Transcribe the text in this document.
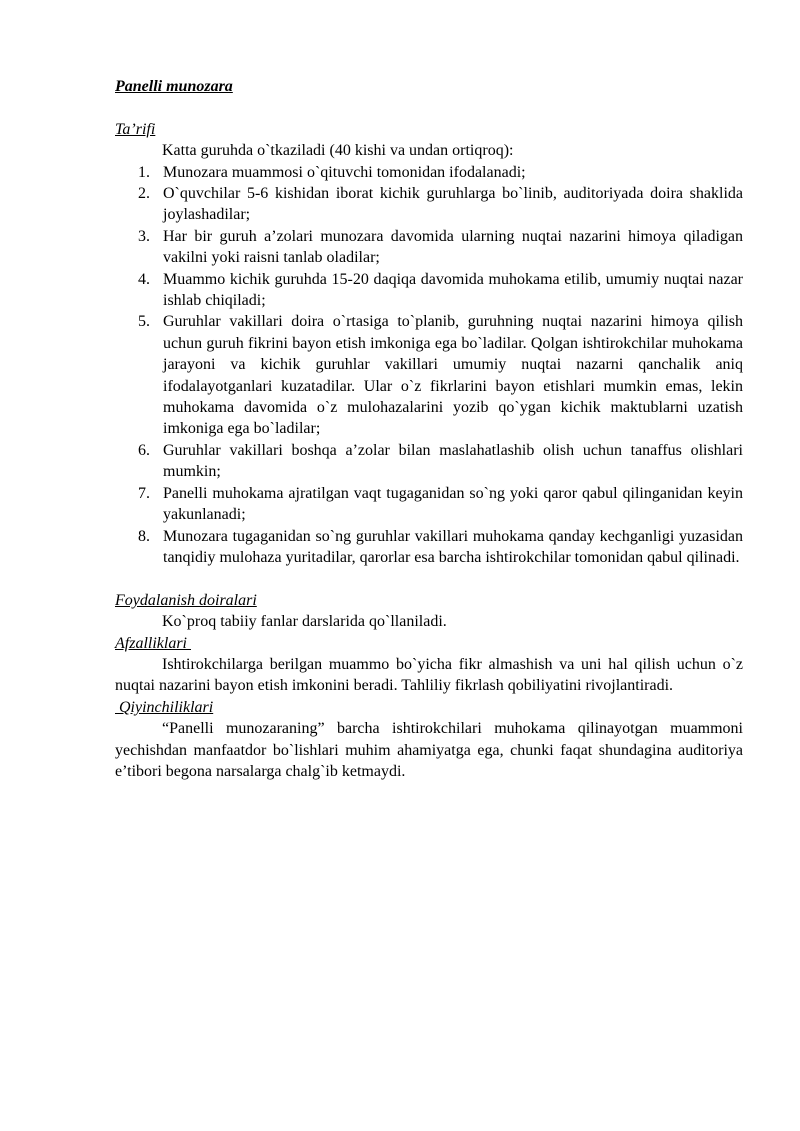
Panelli munozara

Ta’rifi

Katta guruhda o`tkaziladi (40 kishi va undan ortiqroq):

1. Munozara muammosi o`qituvchi tomonidan ifodalanadi;
2. O`quvchilar 5-6 kishidan iborat kichik guruhlarga bo`linib, auditoriyada doira shaklida joylashadilar;
3. Har bir guruh a’zolari munozara davomida ularning nuqtai nazarini himoya qiladigan vakilni yoki raisni tanlab oladilar;
4. Muammo kichik guruhda 15-20 daqiqa davomida muhokama etilib, umumiy nuqtai nazar ishlab chiqiladi;
5. Guruhlar vakillari doira o`rtasiga to`planib, guruhning nuqtai nazarini himoya qilish uchun guruh fikrini bayon etish imkoniga ega bo`ladilar. Qolgan ishtirokchilar muhokama jarayoni va kichik guruhlar vakillari umumiy nuqtai nazarni qanchalik aniq ifodalayotganlari kuzatadilar. Ular o`z fikrlarini bayon etishlari mumkin emas, lekin muhokama davomida o`z mulohazalarini yozib qo`ygan kichik maktublarni uzatish imkoniga ega bo`ladilar;
6. Guruhlar vakillari boshqa a’zolar bilan maslahatlashib olish uchun tanaffus olishlari mumkin;
7. Panelli muhokama ajratilgan vaqt tugaganidan so`ng yoki qaror qabul qilinganidan keyin yakunlanadi;
8. Munozara tugaganidan so`ng guruhlar vakillari muhokama qanday kechganligi yuzasidan tanqidiy mulohaza yuritadilar, qarorlar esa barcha ishtirokchilar tomonidan qabul qilinadi.

Foydalanish doiralari

Ko`proq tabiiy fanlar darslarida qo`llaniladi.

Afzalliklari

Ishtirokchilarga berilgan muammo bo`yicha fikr almashish va uni hal qilish uchun o`z nuqtai nazarini bayon etish imkonini beradi. Tahliliy fikrlash qobiliyatini rivojlantiradi.

Qiyinchiliklari

“Panelli munozaraning” barcha ishtirokchilari muhokama qilinayotgan muammoni yechishdan manfaatdor bo`lishlari muhim ahamiyatga ega, chunki faqat shundagina auditoriya e’tibori begona narsalarga chalg`ib ketmaydi.
